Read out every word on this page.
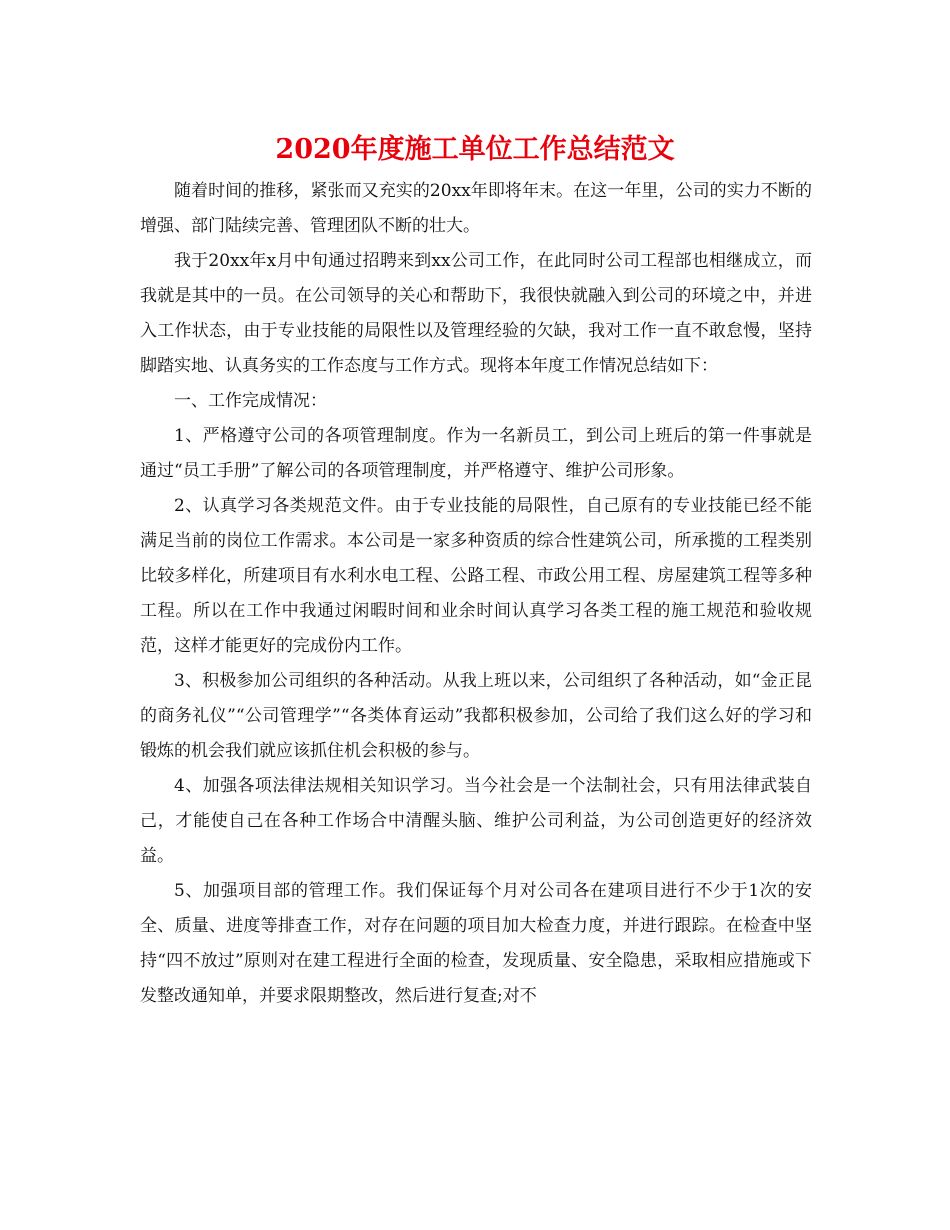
2020年度施工单位工作总结范文

随着时间的推移，紧张而又充实的20xx年即将年末。在这一年里，公司的实力不断的增强、部门陆续完善、管理团队不断的壮大。

我于20xx年x月中旬通过招聘来到xx公司工作，在此同时公司工程部也相继成立，而我就是其中的一员。在公司领导的关心和帮助下，我很快就融入到公司的环境之中，并进入工作状态，由于专业技能的局限性以及管理经验的欠缺，我对工作一直不敢怠慢，坚持脚踏实地、认真务实的工作态度与工作方式。现将本年度工作情况总结如下：

一、工作完成情况：

1、严格遵守公司的各项管理制度。作为一名新员工，到公司上班后的第一件事就是通过“员工手册”了解公司的各项管理制度，并严格遵守、维护公司形象。

2、认真学习各类规范文件。由于专业技能的局限性，自己原有的专业技能已经不能满足当前的岗位工作需求。本公司是一家多种资质的综合性建筑公司，所承揽的工程类别比较多样化，所建项目有水利水电工程、公路工程、市政公用工程、房屋建筑工程等多种工程。所以在工作中我通过闲暇时间和业余时间认真学习各类工程的施工规范和验收规范，这样才能更好的完成份内工作。

3、积极参加公司组织的各种活动。从我上班以来，公司组织了各种活动，如“金正昆的商务礼仪”“公司管理学”“各类体育运动”我都积极参加，公司给了我们这么好的学习和锻炼的机会我们就应该抓住机会积极的参与。

4、加强各项法律法规相关知识学习。当今社会是一个法制社会，只有用法律武装自己，才能使自己在各种工作场合中清醒头脑、维护公司利益，为公司创造更好的经济效益。

5、加强项目部的管理工作。我们保证每个月对公司各在建项目进行不少于1次的安全、质量、进度等排查工作，对存在问题的项目加大检查力度，并进行跟踪。在检查中坚持“四不放过”原则对在建工程进行全面的检查，发现质量、安全隐患，采取相应措施或下发整改通知单，并要求限期整改，然后进行复查;对不
